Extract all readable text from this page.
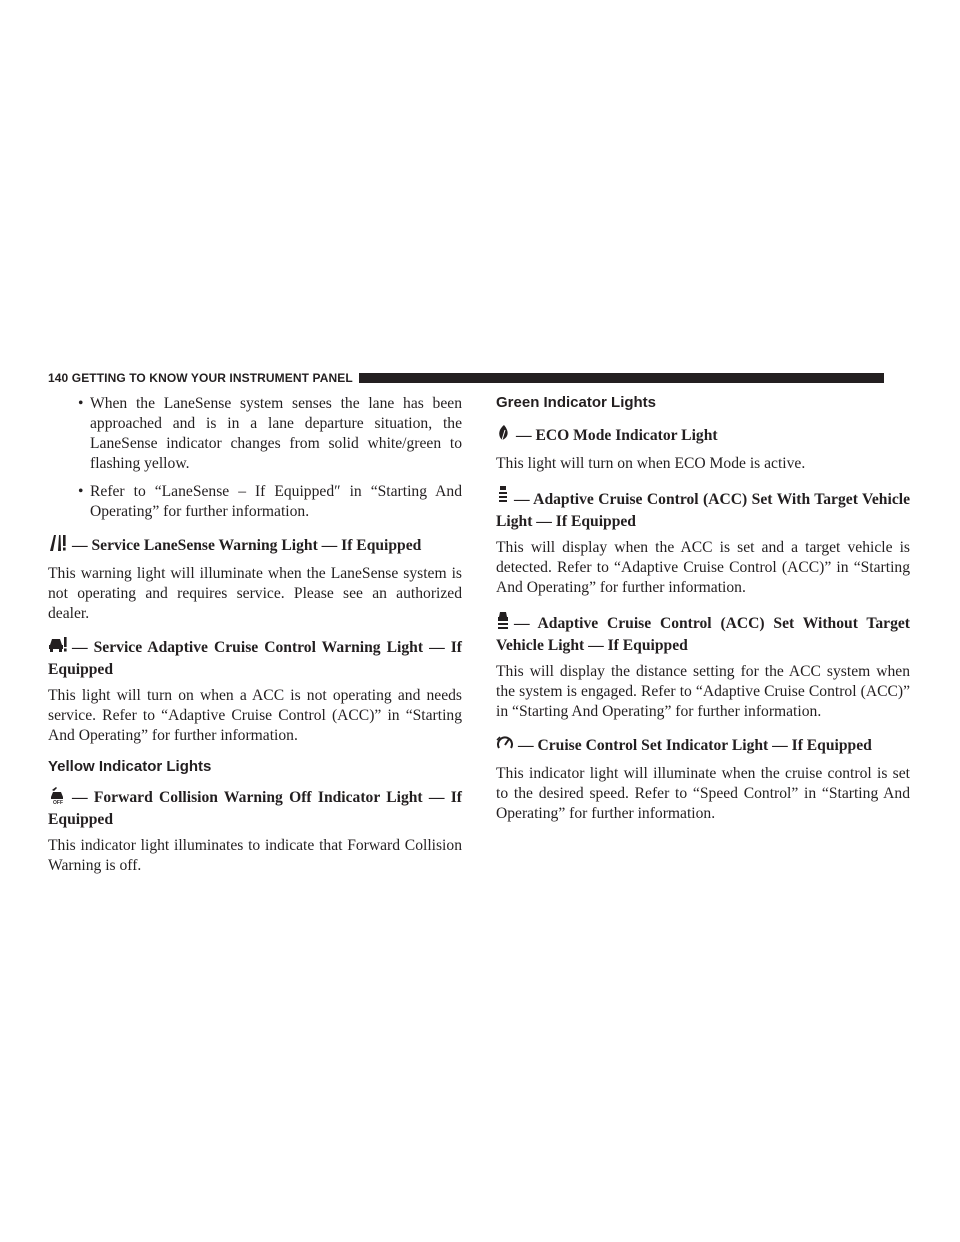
140 GETTING TO KNOW YOUR INSTRUMENT PANEL

• When the LaneSense system senses the lane has been approached and is in a lane departure situation, the LaneSense indicator changes from solid white/green to flashing yellow.

• Refer to “LaneSense – If Equipped″ in “Starting And Operating” for further information.

— Service LaneSense Warning Light — If Equipped

This warning light will illuminate when the LaneSense system is not operating and requires service. Please see an authorized dealer.

— Service Adaptive Cruise Control Warning Light — If Equipped

This light will turn on when a ACC is not operating and needs service. Refer to “Adaptive Cruise Control (ACC)” in “Starting And Operating” for further information.

Yellow Indicator Lights

OFF — Forward Collision Warning Off Indicator Light — If Equipped

This indicator light illuminates to indicate that Forward Collision Warning is off.

Green Indicator Lights

— ECO Mode Indicator Light

This light will turn on when ECO Mode is active.

— Adaptive Cruise Control (ACC) Set With Target Vehicle Light — If Equipped

This will display when the ACC is set and a target vehicle is detected. Refer to “Adaptive Cruise Control (ACC)” in “Starting And Operating” for further information.

— Adaptive Cruise Control (ACC) Set Without Target Vehicle Light — If Equipped

This will display the distance setting for the ACC system when the system is engaged. Refer to “Adaptive Cruise Control (ACC)” in “Starting And Operating” for further information.

— Cruise Control Set Indicator Light — If Equipped

This indicator light will illuminate when the cruise control is set to the desired speed. Refer to “Speed Control” in “Starting And Operating” for further information.
